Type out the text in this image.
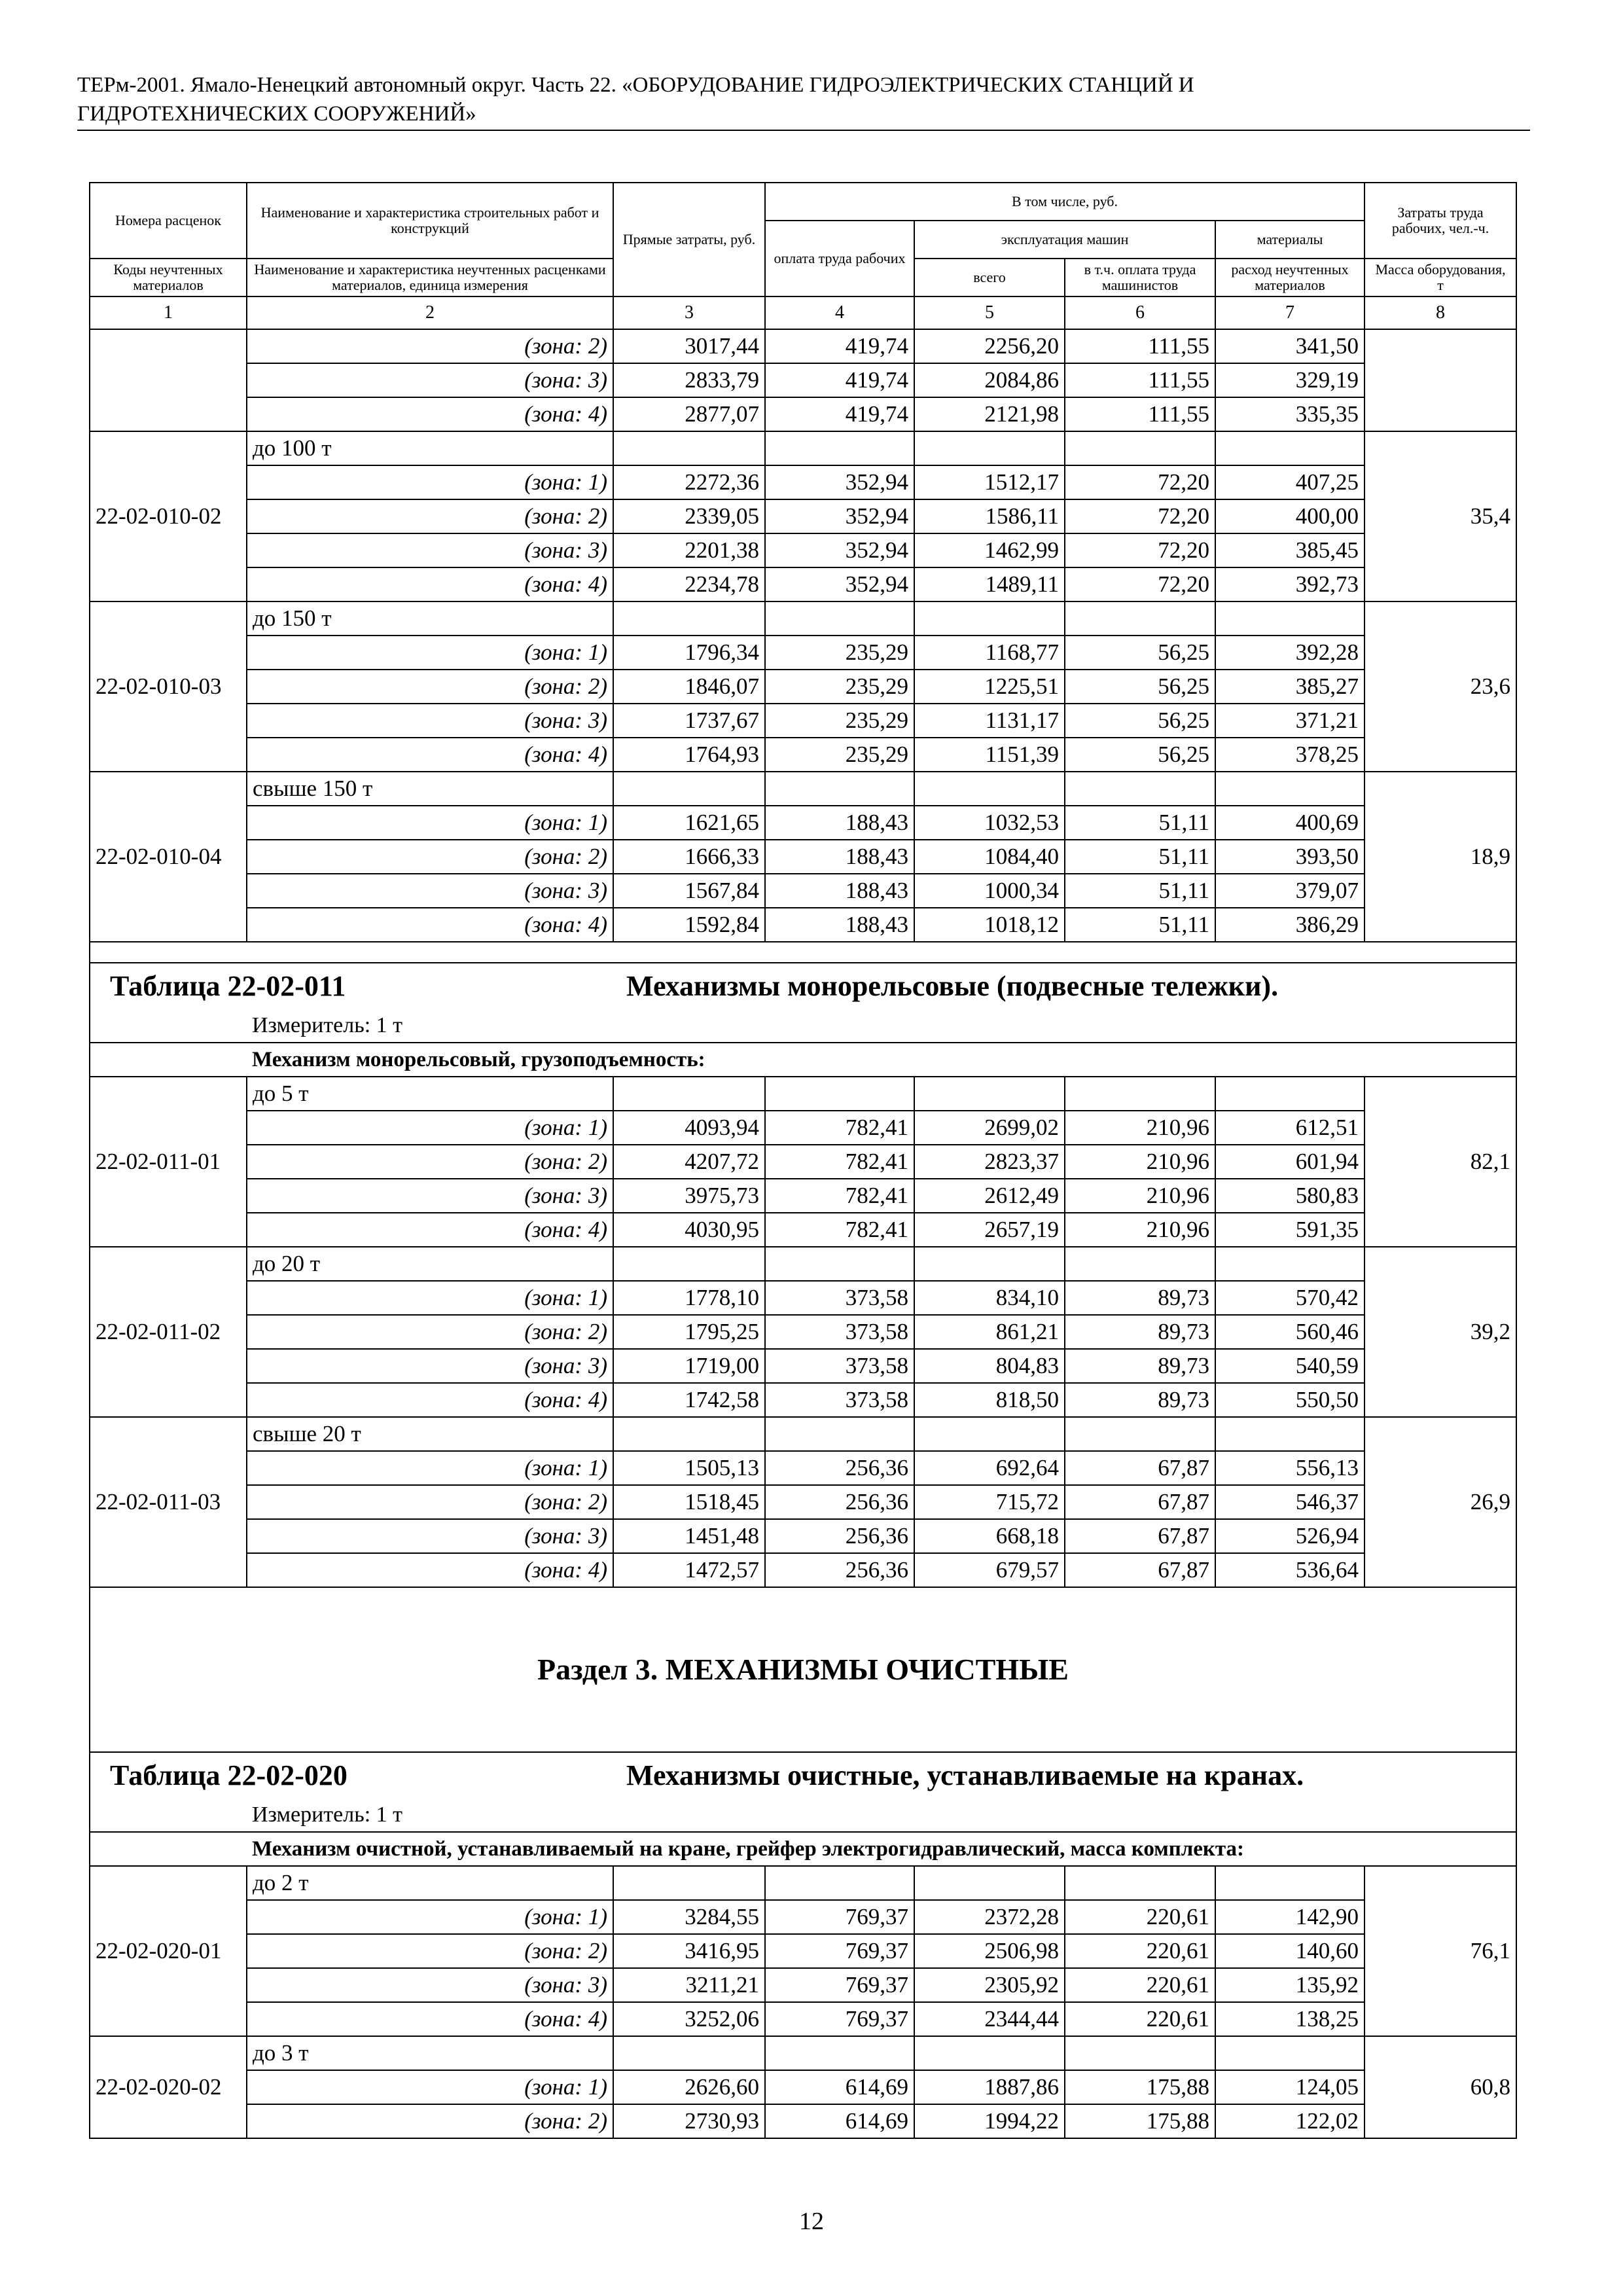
ТЕРм-2001. Ямало-Ненецкий автономный округ. Часть 22. «ОБОРУДОВАНИЕ ГИДРОЭЛЕКТРИЧЕСКИХ СТАНЦИЙ И
ГИДРОТЕХНИЧЕСКИХ СООРУЖЕНИЙ»
Номера расценок	Наименование и характеристика строительных работ и конструкций	Прямые затраты, руб.	В том числе, руб.				Затраты труда рабочих, чел.-ч.
			оплата труда рабочих	эксплуатация машин		материалы	
Коды неучтенных материалов	Наименование и характеристика неучтенных расценками материалов, единица измерения			всего	в т.ч. оплата труда машинистов	расход неучтенных материалов	Масса оборудования, т
1	2	3	4	5	6	7	8
	(зона: 2)	3017,44	419,74	2256,20	111,55	341,50	
	(зона: 3)	2833,79	419,74	2084,86	111,55	329,19	
	(зона: 4)	2877,07	419,74	2121,98	111,55	335,35	
22-02-010-02	до 100 т						35,4
	(зона: 1)	2272,36	352,94	1512,17	72,20	407,25	
	(зона: 2)	2339,05	352,94	1586,11	72,20	400,00	
	(зона: 3)	2201,38	352,94	1462,99	72,20	385,45	
	(зона: 4)	2234,78	352,94	1489,11	72,20	392,73	
22-02-010-03	до 150 т						23,6
	(зона: 1)	1796,34	235,29	1168,77	56,25	392,28	
	(зона: 2)	1846,07	235,29	1225,51	56,25	385,27	
	(зона: 3)	1737,67	235,29	1131,17	56,25	371,21	
	(зона: 4)	1764,93	235,29	1151,39	56,25	378,25	
22-02-010-04	свыше 150 т						18,9
	(зона: 1)	1621,65	188,43	1032,53	51,11	400,69	
	(зона: 2)	1666,33	188,43	1084,40	51,11	393,50	
	(зона: 3)	1567,84	188,43	1000,34	51,11	379,07	
	(зона: 4)	1592,84	188,43	1018,12	51,11	386,29	

Таблица 22-02-011		Механизмы монорельсовые (подвесные тележки).					
	Измеритель: 1 т						
	Механизм монорельсовый, грузоподъемность:						
22-02-011-01	до 5 т						82,1
	(зона: 1)	4093,94	782,41	2699,02	210,96	612,51	
	(зона: 2)	4207,72	782,41	2823,37	210,96	601,94	
	(зона: 3)	3975,73	782,41	2612,49	210,96	580,83	
	(зона: 4)	4030,95	782,41	2657,19	210,96	591,35	
22-02-011-02	до 20 т						39,2
	(зона: 1)	1778,10	373,58	834,10	89,73	570,42	
	(зона: 2)	1795,25	373,58	861,21	89,73	560,46	
	(зона: 3)	1719,00	373,58	804,83	89,73	540,59	
	(зона: 4)	1742,58	373,58	818,50	89,73	550,50	
22-02-011-03	свыше 20 т						26,9
	(зона: 1)	1505,13	256,36	692,64	67,87	556,13	
	(зона: 2)	1518,45	256,36	715,72	67,87	546,37	
	(зона: 3)	1451,48	256,36	668,18	67,87	526,94	
	(зона: 4)	1472,57	256,36	679,57	67,87	536,64	
Раздел 3. МЕХАНИЗМЫ ОЧИСТНЫЕ							
Таблица 22-02-020		Механизмы очистные, устанавливаемые на кранах.					
	Измеритель: 1 т						
	Механизм очистной, устанавливаемый на кране, грейфер электрогидравлический, масса комплекта:						
22-02-020-01	до 2 т						76,1
	(зона: 1)	3284,55	769,37	2372,28	220,61	142,90	
	(зона: 2)	3416,95	769,37	2506,98	220,61	140,60	
	(зона: 3)	3211,21	769,37	2305,92	220,61	135,92	
	(зона: 4)	3252,06	769,37	2344,44	220,61	138,25	
22-02-020-02	до 3 т						60,8
	(зона: 1)	2626,60	614,69	1887,86	175,88	124,05	
	(зона: 2)	2730,93	614,69	1994,22	175,88	122,02	
12
